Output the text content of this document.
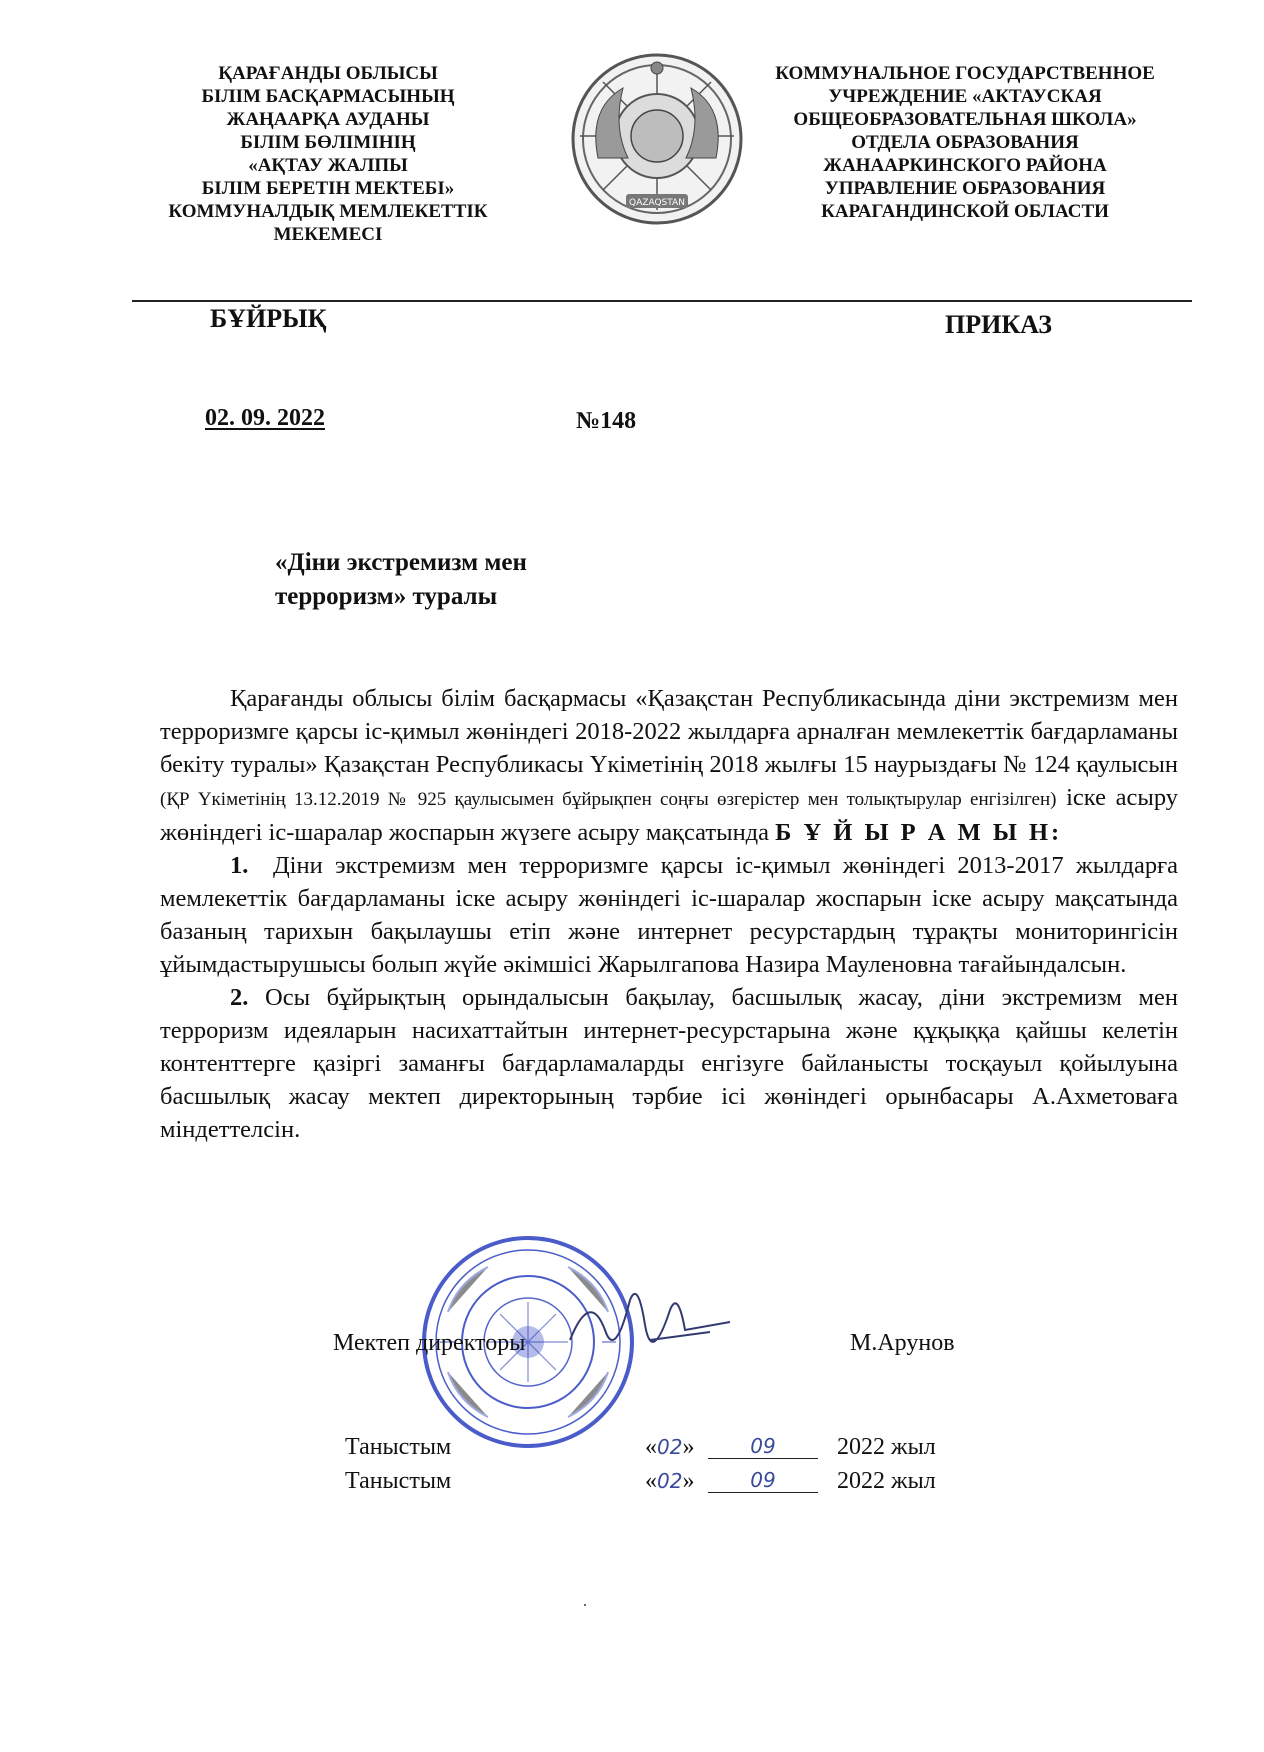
ҚАРАҒАНДЫ ОБЛЫСЫ
БІЛІМ БАСҚАРМАСЫНЫҢ
ЖАҢААРҚА АУДАНЫ
БІЛІМ БӨЛІМІНІҢ
«АҚТАУ ЖАЛПЫ
БІЛІМ БЕРЕТІН МЕКТЕБІ»
КОММУНАЛДЫҚ МЕМЛЕКЕТТІК
МЕКЕМЕСІ
QAZAQSTAN
КОММУНАЛЬНОЕ ГОСУДАРСТВЕННОЕ
УЧРЕЖДЕНИЕ «АКТАУСКАЯ
ОБЩЕОБРАЗОВАТЕЛЬНАЯ ШКОЛА»
ОТДЕЛА ОБРАЗОВАНИЯ
ЖАНААРКИНСКОГО РАЙОНА
УПРАВЛЕНИЕ ОБРАЗОВАНИЯ
КАРАГАНДИНСКОЙ ОБЛАСТИ
БҰЙРЫҚ	ПРИКАЗ
02. 09. 2022	№148
«Діни экстремизм мен
терроризм» туралы

Қарағанды облысы білім басқармасы «Қазақстан Республикасында діни экстремизм мен терроризмге қарсы іс-қимыл жөніндегі 2018-2022 жылдарға арналған мемлекеттік бағдарламаны бекіту туралы» Қазақстан Республикасы Үкіметінің 2018 жылғы 15 наурыздағы № 124 қаулысын (ҚР Үкіметінің 13.12.2019 № 925 қаулысымен бұйрықпен соңғы өзгерістер мен толықтырулар енгізілген) іске асыру жөніндегі іс-шаралар жоспарын жүзеге асыру мақсатында Б Ұ Й Ы Р А М Ы Н:

1. Діни экстремизм мен терроризмге қарсы іс-қимыл жөніндегі 2013-2017 жылдарға мемлекеттік бағдарламаны іске асыру жөніндегі іс-шаралар жоспарын іске асыру мақсатында базаның тарихын бақылаушы етіп және интернет ресурстардың тұрақты мониторингісін ұйымдастырушысы болып жүйе әкімшісі Жарылгапова Назира Мауленовна тағайындалсын.

2. Осы бұйрықтың орындалысын бақылау, басшылық жасау, діни экстремизм мен терроризм идеяларын насихаттайтын интернет-ресурстарына және құқыққа қайшы келетін контенттерге қазіргі заманғы бағдарламаларды енгізуге байланысты тосқауыл қойылуына басшылық жасау мектеп директорының тәрбие ісі жөніндегі орынбасары А.Ахметоваға міндеттелсін.

Мектеп директоры	М.Арунов
Таныстым	«02»	09	2022 жыл
Таныстым	«02»	09	2022 жыл
